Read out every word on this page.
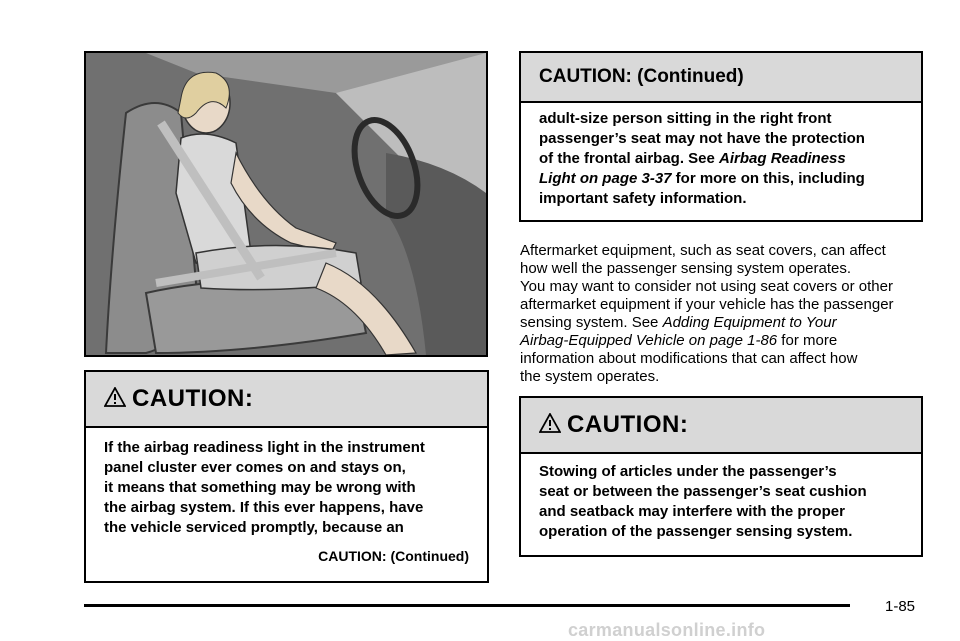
CAUTION:
If the airbag readiness light in the instrument
panel cluster ever comes on and stays on,
it means that something may be wrong with
the airbag system. If this ever happens, have
the vehicle serviced promptly, because an
CAUTION: (Continued)
CAUTION: (Continued)
adult-size person sitting in the right front
passenger’s seat may not have the protection
of the frontal airbag. See Airbag Readiness
Light on page 3-37 for more on this, including
important safety information.

Aftermarket equipment, such as seat covers, can affect
how well the passenger sensing system operates.

You may want to consider not using seat covers or other
aftermarket equipment if your vehicle has the passenger
sensing system. See Adding Equipment to Your
Airbag-Equipped Vehicle on page 1-86 for more
information about modifications that can affect how
the system operates.

CAUTION:
Stowing of articles under the passenger’s
seat or between the passenger’s seat cushion
and seatback may interfere with the proper
operation of the passenger sensing system.
1-85
carmanualsonline.info
